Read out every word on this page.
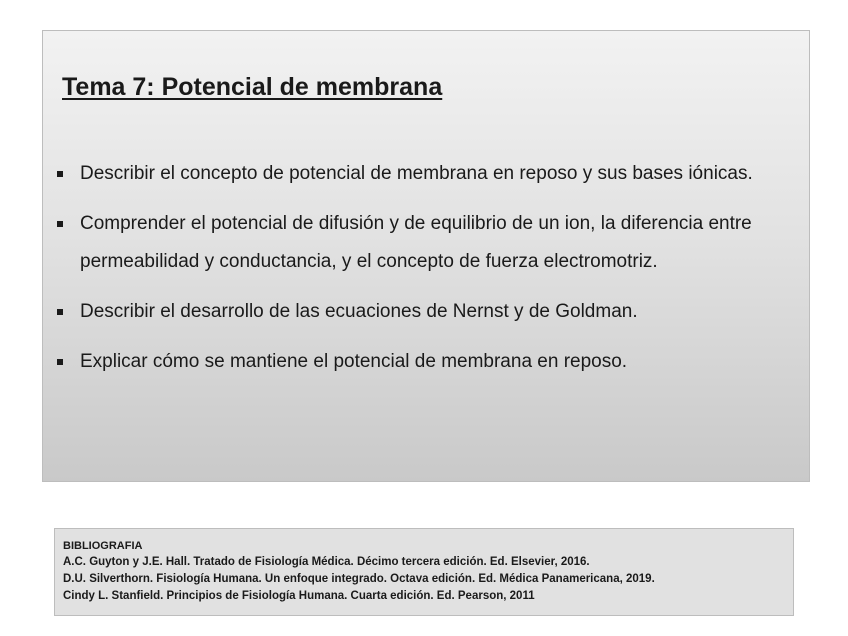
Tema 7: Potencial de membrana
Describir el concepto de potencial de membrana en reposo y sus bases iónicas.
Comprender el potencial de difusión y de equilibrio de un ion, la diferencia entre permeabilidad y conductancia, y el concepto de fuerza electromotriz.
Describir el desarrollo de las ecuaciones de Nernst y de Goldman.
Explicar cómo se mantiene el potencial de membrana en reposo.
BIBLIOGRAFIA
A.C. Guyton y J.E. Hall. Tratado de Fisiología Médica. Décimo tercera edición. Ed. Elsevier, 2016.
D.U. Silverthorn. Fisiología Humana. Un enfoque integrado. Octava edición. Ed. Médica Panamericana, 2019.
Cindy L. Stanfield. Principios de Fisiología Humana. Cuarta edición. Ed. Pearson, 2011
